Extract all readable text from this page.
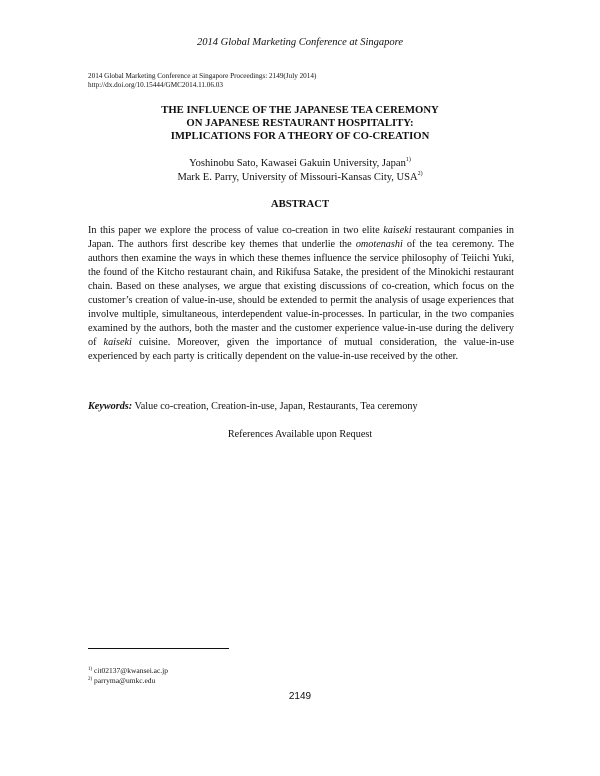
2014 Global Marketing Conference at Singapore
2014 Global Marketing Conference at Singapore Proceedings: 2149(July 2014)
http://dx.doi.org/10.15444/GMC2014.11.06.03
THE INFLUENCE OF THE JAPANESE TEA CEREMONY
ON JAPANESE RESTAURANT HOSPITALITY:
IMPLICATIONS FOR A THEORY OF CO-CREATION
Yoshinobu Sato, Kawasei Gakuin University, Japan$^{1)}$
Mark E. Parry, University of Missouri-Kansas City, USA$^{2)}$
ABSTRACT
In this paper we explore the process of value co-creation in two elite kaiseki restaurant companies in Japan. The authors first describe key themes that underlie the omotenashi of the tea ceremony. The authors then examine the ways in which these themes influence the service philosophy of Teiichi Yuki, the found of the Kitcho restaurant chain, and Rikifusa Satake, the president of the Minokichi restaurant chain. Based on these analyses, we argue that existing discussions of co-creation, which focus on the customer’s creation of value-in-use, should be extended to permit the analysis of usage experiences that involve multiple, simultaneous, interdependent value-in-processes. In particular, in the two companies examined by the authors, both the master and the customer experience value-in-use during the delivery of kaiseki cuisine. Moreover, given the importance of mutual consideration, the value-in-use experienced by each party is critically dependent on the value-in-use received by the other.
Keywords: Value co-creation, Creation-in-use, Japan, Restaurants, Tea ceremony
References Available upon Request
$^{1)}$ cit02137@kwansei.ac.jp
$^{2)}$ parryma@umkc.edu
2149
